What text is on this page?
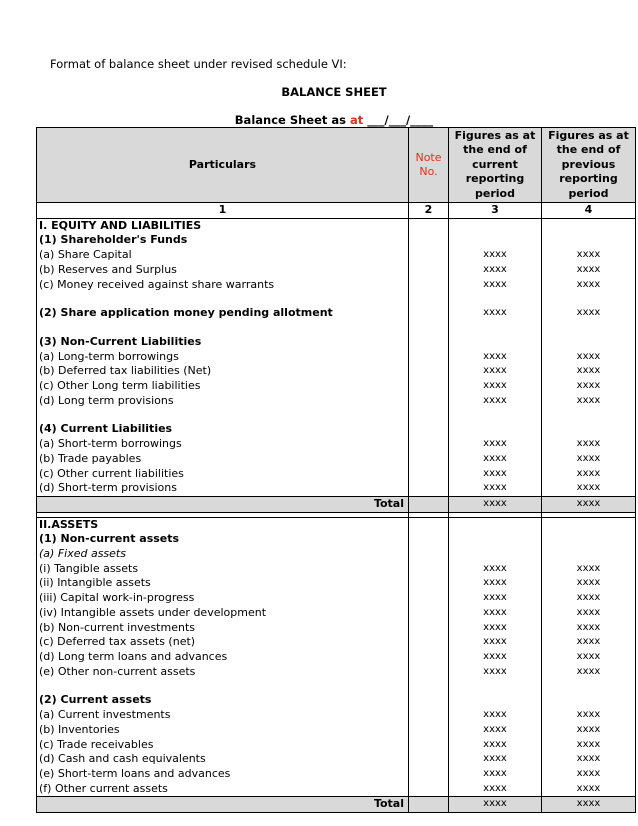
Format of balance sheet under revised schedule VI:
BALANCE SHEET
Balance Sheet as at ___/___/____
Particulars	Note No.	Figures as at the end of current reporting period	Figures as at the end of previous reporting period
1	2	3	4
I. EQUITY AND LIABILITIES			
(1) Shareholder's Funds			
(a) Share Capital		xxxx	xxxx
(b) Reserves and Surplus		xxxx	xxxx
(c) Money received against share warrants		xxxx	xxxx

(2) Share application money pending allotment		xxxx	xxxx

(3) Non-Current Liabilities			
(a) Long-term borrowings		xxxx	xxxx
(b) Deferred tax liabilities (Net)		xxxx	xxxx
(c) Other Long term liabilities		xxxx	xxxx
(d) Long term provisions		xxxx	xxxx

(4) Current Liabilities			
(a) Short-term borrowings		xxxx	xxxx
(b) Trade payables		xxxx	xxxx
(c) Other current liabilities		xxxx	xxxx
(d) Short-term provisions		xxxx	xxxx
Total		xxxx	xxxx

II.ASSETS			
(1) Non-current assets			
(a) Fixed assets			
(i) Tangible assets		xxxx	xxxx
(ii) Intangible assets		xxxx	xxxx
(iii) Capital work-in-progress		xxxx	xxxx
(iv) Intangible assets under development		xxxx	xxxx
(b) Non-current investments		xxxx	xxxx
(c) Deferred tax assets (net)		xxxx	xxxx
(d) Long term loans and advances		xxxx	xxxx
(e) Other non-current assets		xxxx	xxxx

(2) Current assets			
(a) Current investments		xxxx	xxxx
(b) Inventories		xxxx	xxxx
(c) Trade receivables		xxxx	xxxx
(d) Cash and cash equivalents		xxxx	xxxx
(e) Short-term loans and advances		xxxx	xxxx
(f) Other current assets		xxxx	xxxx
Total		xxxx	xxxx
